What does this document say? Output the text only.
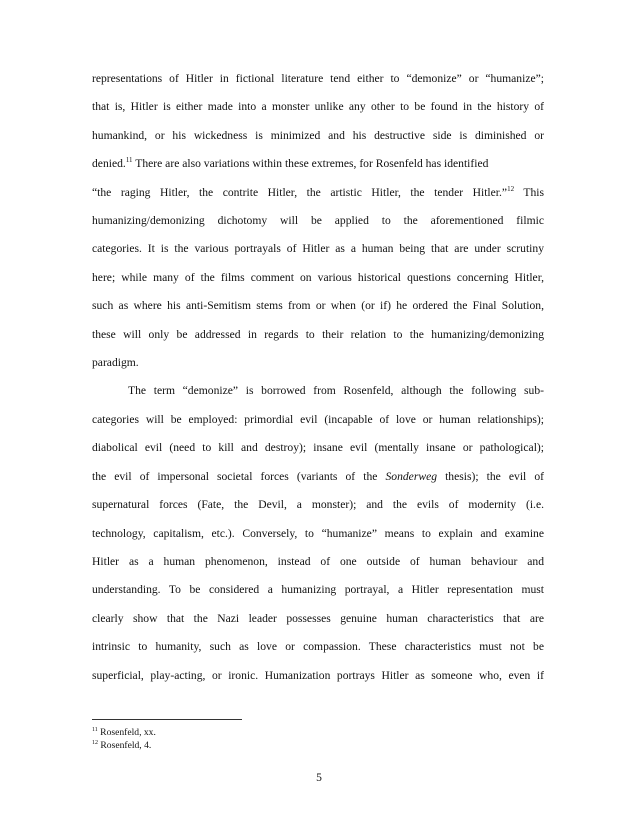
representations of Hitler in fictional literature tend either to “demonize” or “humanize”;
that is, Hitler is either made into a monster unlike any other to be found in the history of
humankind, or his wickedness is minimized and his destructive side is diminished or
denied.$^{11}$ There are also variations within these extremes, for Rosenfeld has identified
“the raging Hitler, the contrite Hitler, the artistic Hitler, the tender Hitler.”$^{12}$ This
humanizing/demonizing dichotomy will be applied to the aforementioned filmic
categories. It is the various portrayals of Hitler as a human being that are under scrutiny
here; while many of the films comment on various historical questions concerning Hitler,
such as where his anti-Semitism stems from or when (or if) he ordered the Final Solution,
these will only be addressed in regards to their relation to the humanizing/demonizing
paradigm.
The term “demonize” is borrowed from Rosenfeld, although the following sub-
categories will be employed: primordial evil (incapable of love or human relationships);
diabolical evil (need to kill and destroy); insane evil (mentally insane or pathological);
the evil of impersonal societal forces (variants of the Sonderweg thesis); the evil of
supernatural forces (Fate, the Devil, a monster); and the evils of modernity (i.e.
technology, capitalism, etc.). Conversely, to “humanize” means to explain and examine
Hitler as a human phenomenon, instead of one outside of human behaviour and
understanding. To be considered a humanizing portrayal, a Hitler representation must
clearly show that the Nazi leader possesses genuine human characteristics that are
intrinsic to humanity, such as love or compassion. These characteristics must not be
superficial, play-acting, or ironic. Humanization portrays Hitler as someone who, even if
$^{11}$ Rosenfeld, xx.
$^{12}$ Rosenfeld, 4.
5
